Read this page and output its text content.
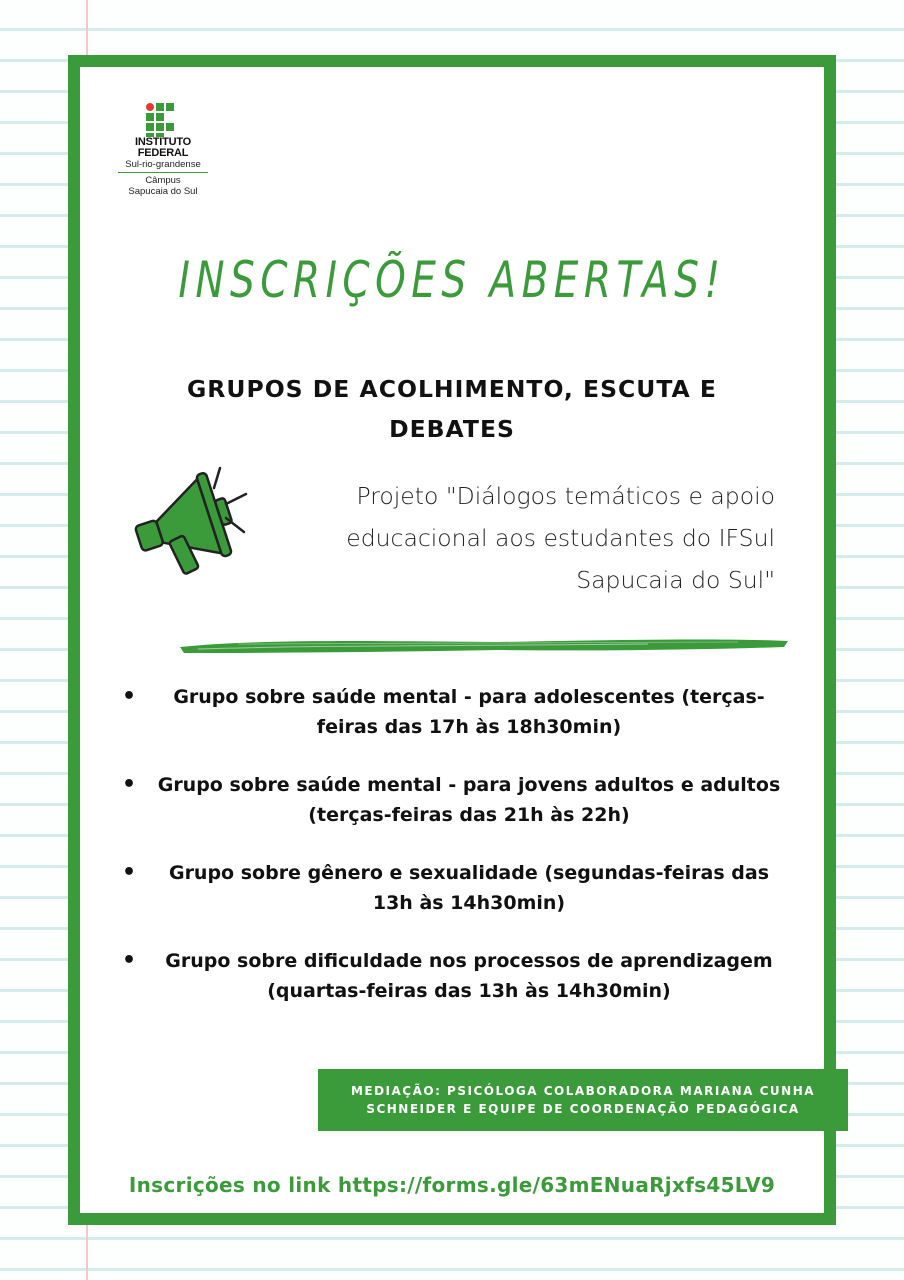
INSTITUTO
FEDERAL
Sul-rio-grandense
Câmpus
Sapucaia do Sul
INSCRIÇÕES ABERTAS!
GRUPOS DE ACOLHIMENTO, ESCUTA E
DEBATES
Projeto "Diálogos temáticos e apoio
educacional aos estudantes do IFSul
Sapucaia do Sul"
•	Grupo sobre saúde mental - para adolescentes (terças-
feiras das 17h às 18h30min)
•	Grupo sobre saúde mental - para jovens adultos e adultos
(terças-feiras das 21h às 22h)
•	Grupo sobre gênero e sexualidade (segundas-feiras das
13h às 14h30min)
•	Grupo sobre dificuldade nos processos de aprendizagem
(quartas-feiras das 13h às 14h30min)
MEDIAÇÃO: PSICÓLOGA COLABORADORA MARIANA CUNHA
SCHNEIDER E EQUIPE DE COORDENAÇÃO PEDAGÓGICA
Inscrições no link https://forms.gle/63mENuaRjxfs45LV9
